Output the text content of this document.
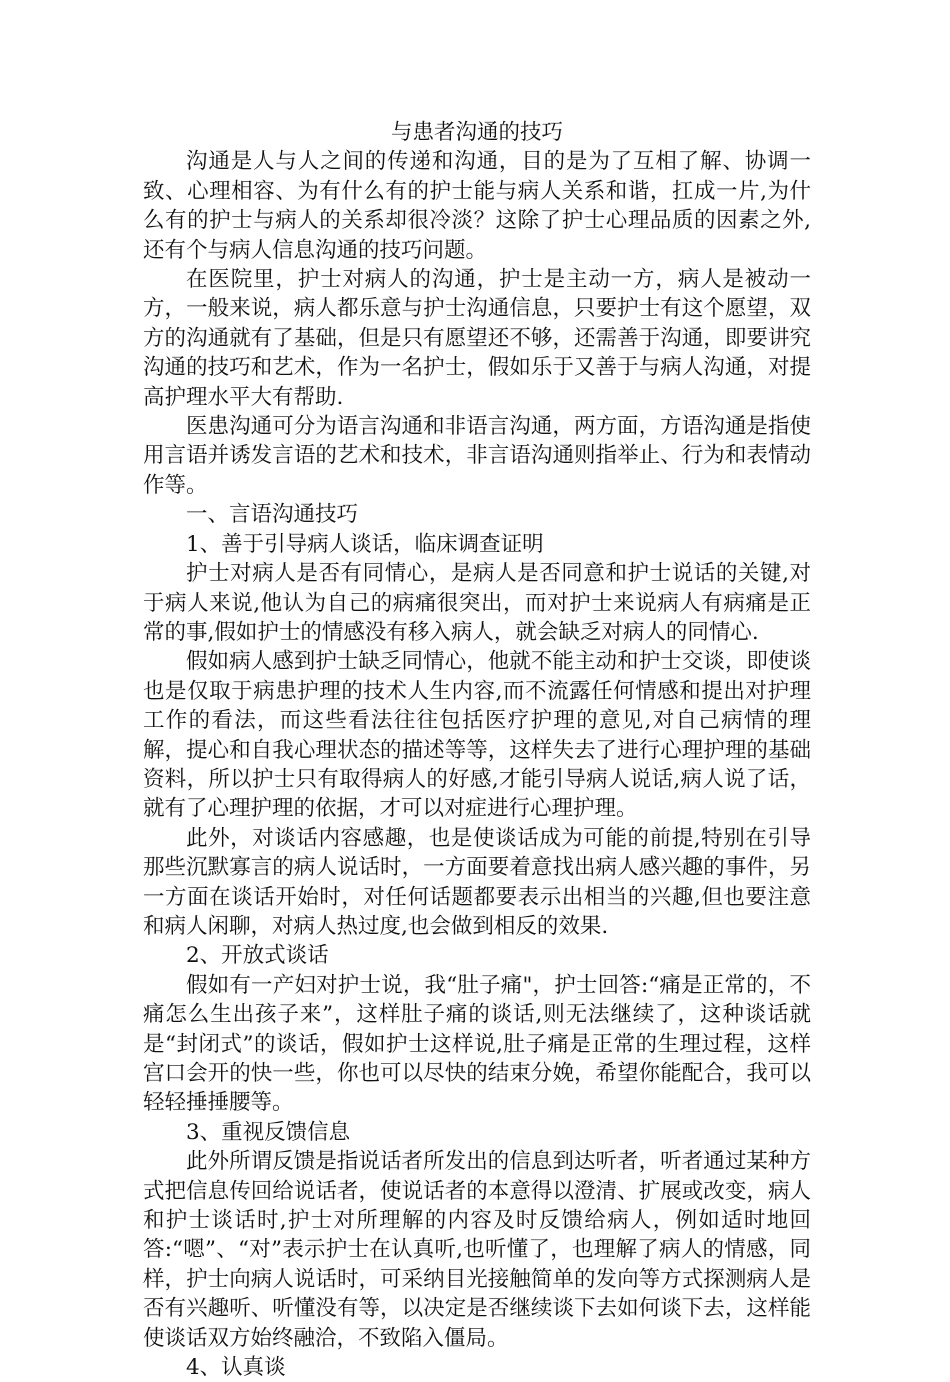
与患者沟通的技巧

沟通是人与人之间的传递和沟通，目的是为了互相了解、协调一致、心理相容、为有什么有的护士能与病人关系和谐，扛成一片,为什么有的护士与病人的关系却很冷淡？这除了护士心理品质的因素之外,还有个与病人信息沟通的技巧问题。

在医院里，护士对病人的沟通，护士是主动一方，病人是被动一方，一般来说，病人都乐意与护士沟通信息，只要护士有这个愿望，双方的沟通就有了基础，但是只有愿望还不够，还需善于沟通，即要讲究沟通的技巧和艺术，作为一名护士，假如乐于又善于与病人沟通，对提高护理水平大有帮助.

医患沟通可分为语言沟通和非语言沟通，两方面，方语沟通是指使用言语并诱发言语的艺术和技术，非言语沟通则指举止、行为和表情动作等。

一、言语沟通技巧

1、善于引导病人谈话，临床调查证明

护士对病人是否有同情心，是病人是否同意和护士说话的关键,对于病人来说,他认为自己的病痛很突出，而对护士来说病人有病痛是正常的事,假如护士的情感没有移入病人，就会缺乏对病人的同情心.

假如病人感到护士缺乏同情心，他就不能主动和护士交谈，即使谈也是仅取于病患护理的技术人生内容,而不流露任何情感和提出对护理工作的看法，而这些看法往往包括医疗护理的意见,对自己病情的理解，提心和自我心理状态的描述等等，这样失去了进行心理护理的基础资料，所以护士只有取得病人的好感,才能引导病人说话,病人说了话，就有了心理护理的依据，才可以对症进行心理护理。

此外，对谈话内容感趣，也是使谈话成为可能的前提,特别在引导那些沉默寡言的病人说话时，一方面要着意找出病人感兴趣的事件，另一方面在谈话开始时，对任何话题都要表示出相当的兴趣,但也要注意和病人闲聊，对病人热过度,也会做到相反的效果.

2、开放式谈话

假如有一产妇对护士说，我“肚子痛"，护士回答:“痛是正常的，不痛怎么生出孩子来”，这样肚子痛的谈话,则无法继续了，这种谈话就是“封闭式”的谈话，假如护士这样说,肚子痛是正常的生理过程，这样宫口会开的快一些，你也可以尽快的结束分娩，希望你能配合，我可以轻轻捶捶腰等。

3、重视反馈信息

此外所谓反馈是指说话者所发出的信息到达听者，听者通过某种方式把信息传回给说话者，使说话者的本意得以澄清、扩展或改变，病人和护士谈话时,护士对所理解的内容及时反馈给病人，例如适时地回答:“嗯”、“对”表示护士在认真听,也听懂了，也理解了病人的情感，同样，护士向病人说话时，可采纳目光接触简单的发向等方式探测病人是否有兴趣听、听懂没有等，以决定是否继续谈下去如何谈下去，这样能使谈话双方始终融洽，不致陷入僵局。

4、认真谈
